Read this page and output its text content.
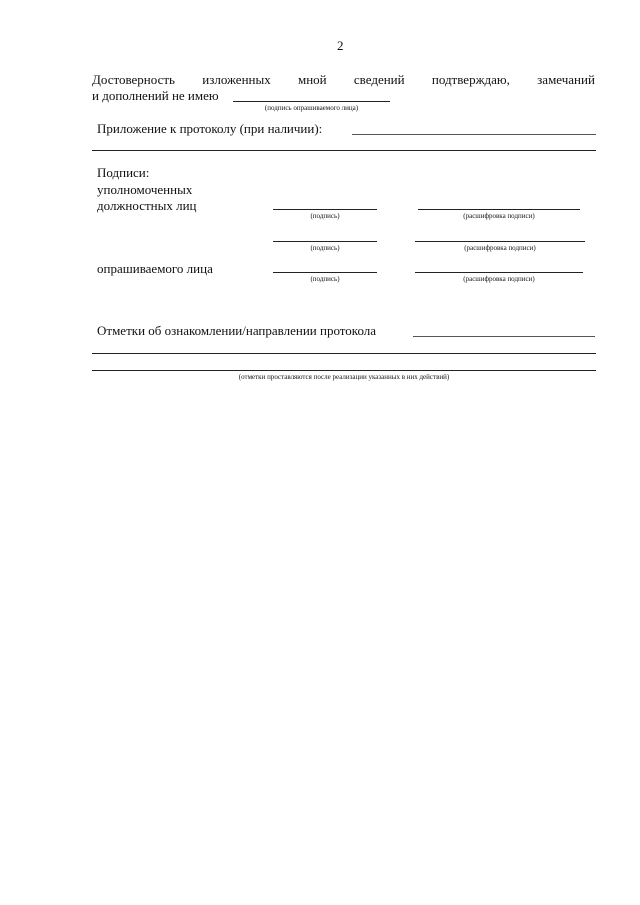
2
Достоверность изложенных мной сведений подтверждаю, замечаний
и дополнений не имею
(подпись опрашиваемого лица)
Приложение к протоколу (при наличии):
Подписи:
уполномоченных
должностных лиц
(подпись)	(расшифровка подписи)
(подпись)	(расшифровка подписи)
опрашиваемого лица
(подпись)	(расшифровка подписи)
Отметки об ознакомлении/направлении протокола
(отметки проставляются после реализации указанных в них действий)
